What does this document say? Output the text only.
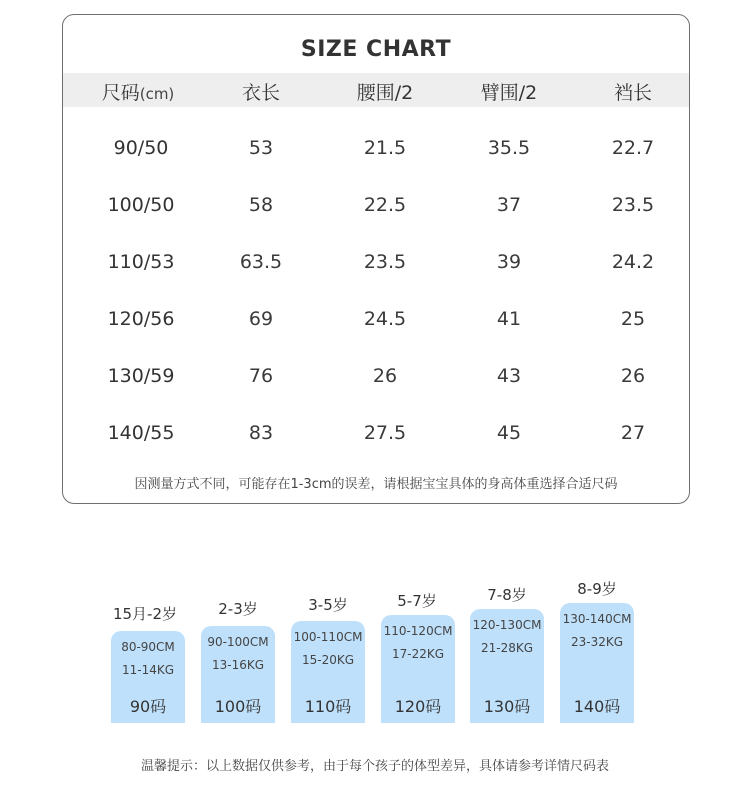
SIZE CHART
尺码(cm)	衣长	腰围/2	臂围/2	裆长
90/50	53	21.5	35.5	22.7
100/50	58	22.5	37	23.5
110/53	63.5	23.5	39	24.2
120/56	69	24.5	41	25
130/59	76	26	43	26
140/55	83	27.5	45	27
因测量方式不同，可能存在1-3cm的误差，请根据宝宝具体的身高体重选择合适尺码
15月-2岁
80-90CM
11-14KG
90码
2-3岁
90-100CM
13-16KG
100码
3-5岁
100-110CM
15-20KG
110码
5-7岁
110-120CM
17-22KG
120码
7-8岁
120-130CM
21-28KG
130码
8-9岁
130-140CM
23-32KG
140码
温馨提示：以上数据仅供参考，由于每个孩子的体型差异，具体请参考详情尺码表
